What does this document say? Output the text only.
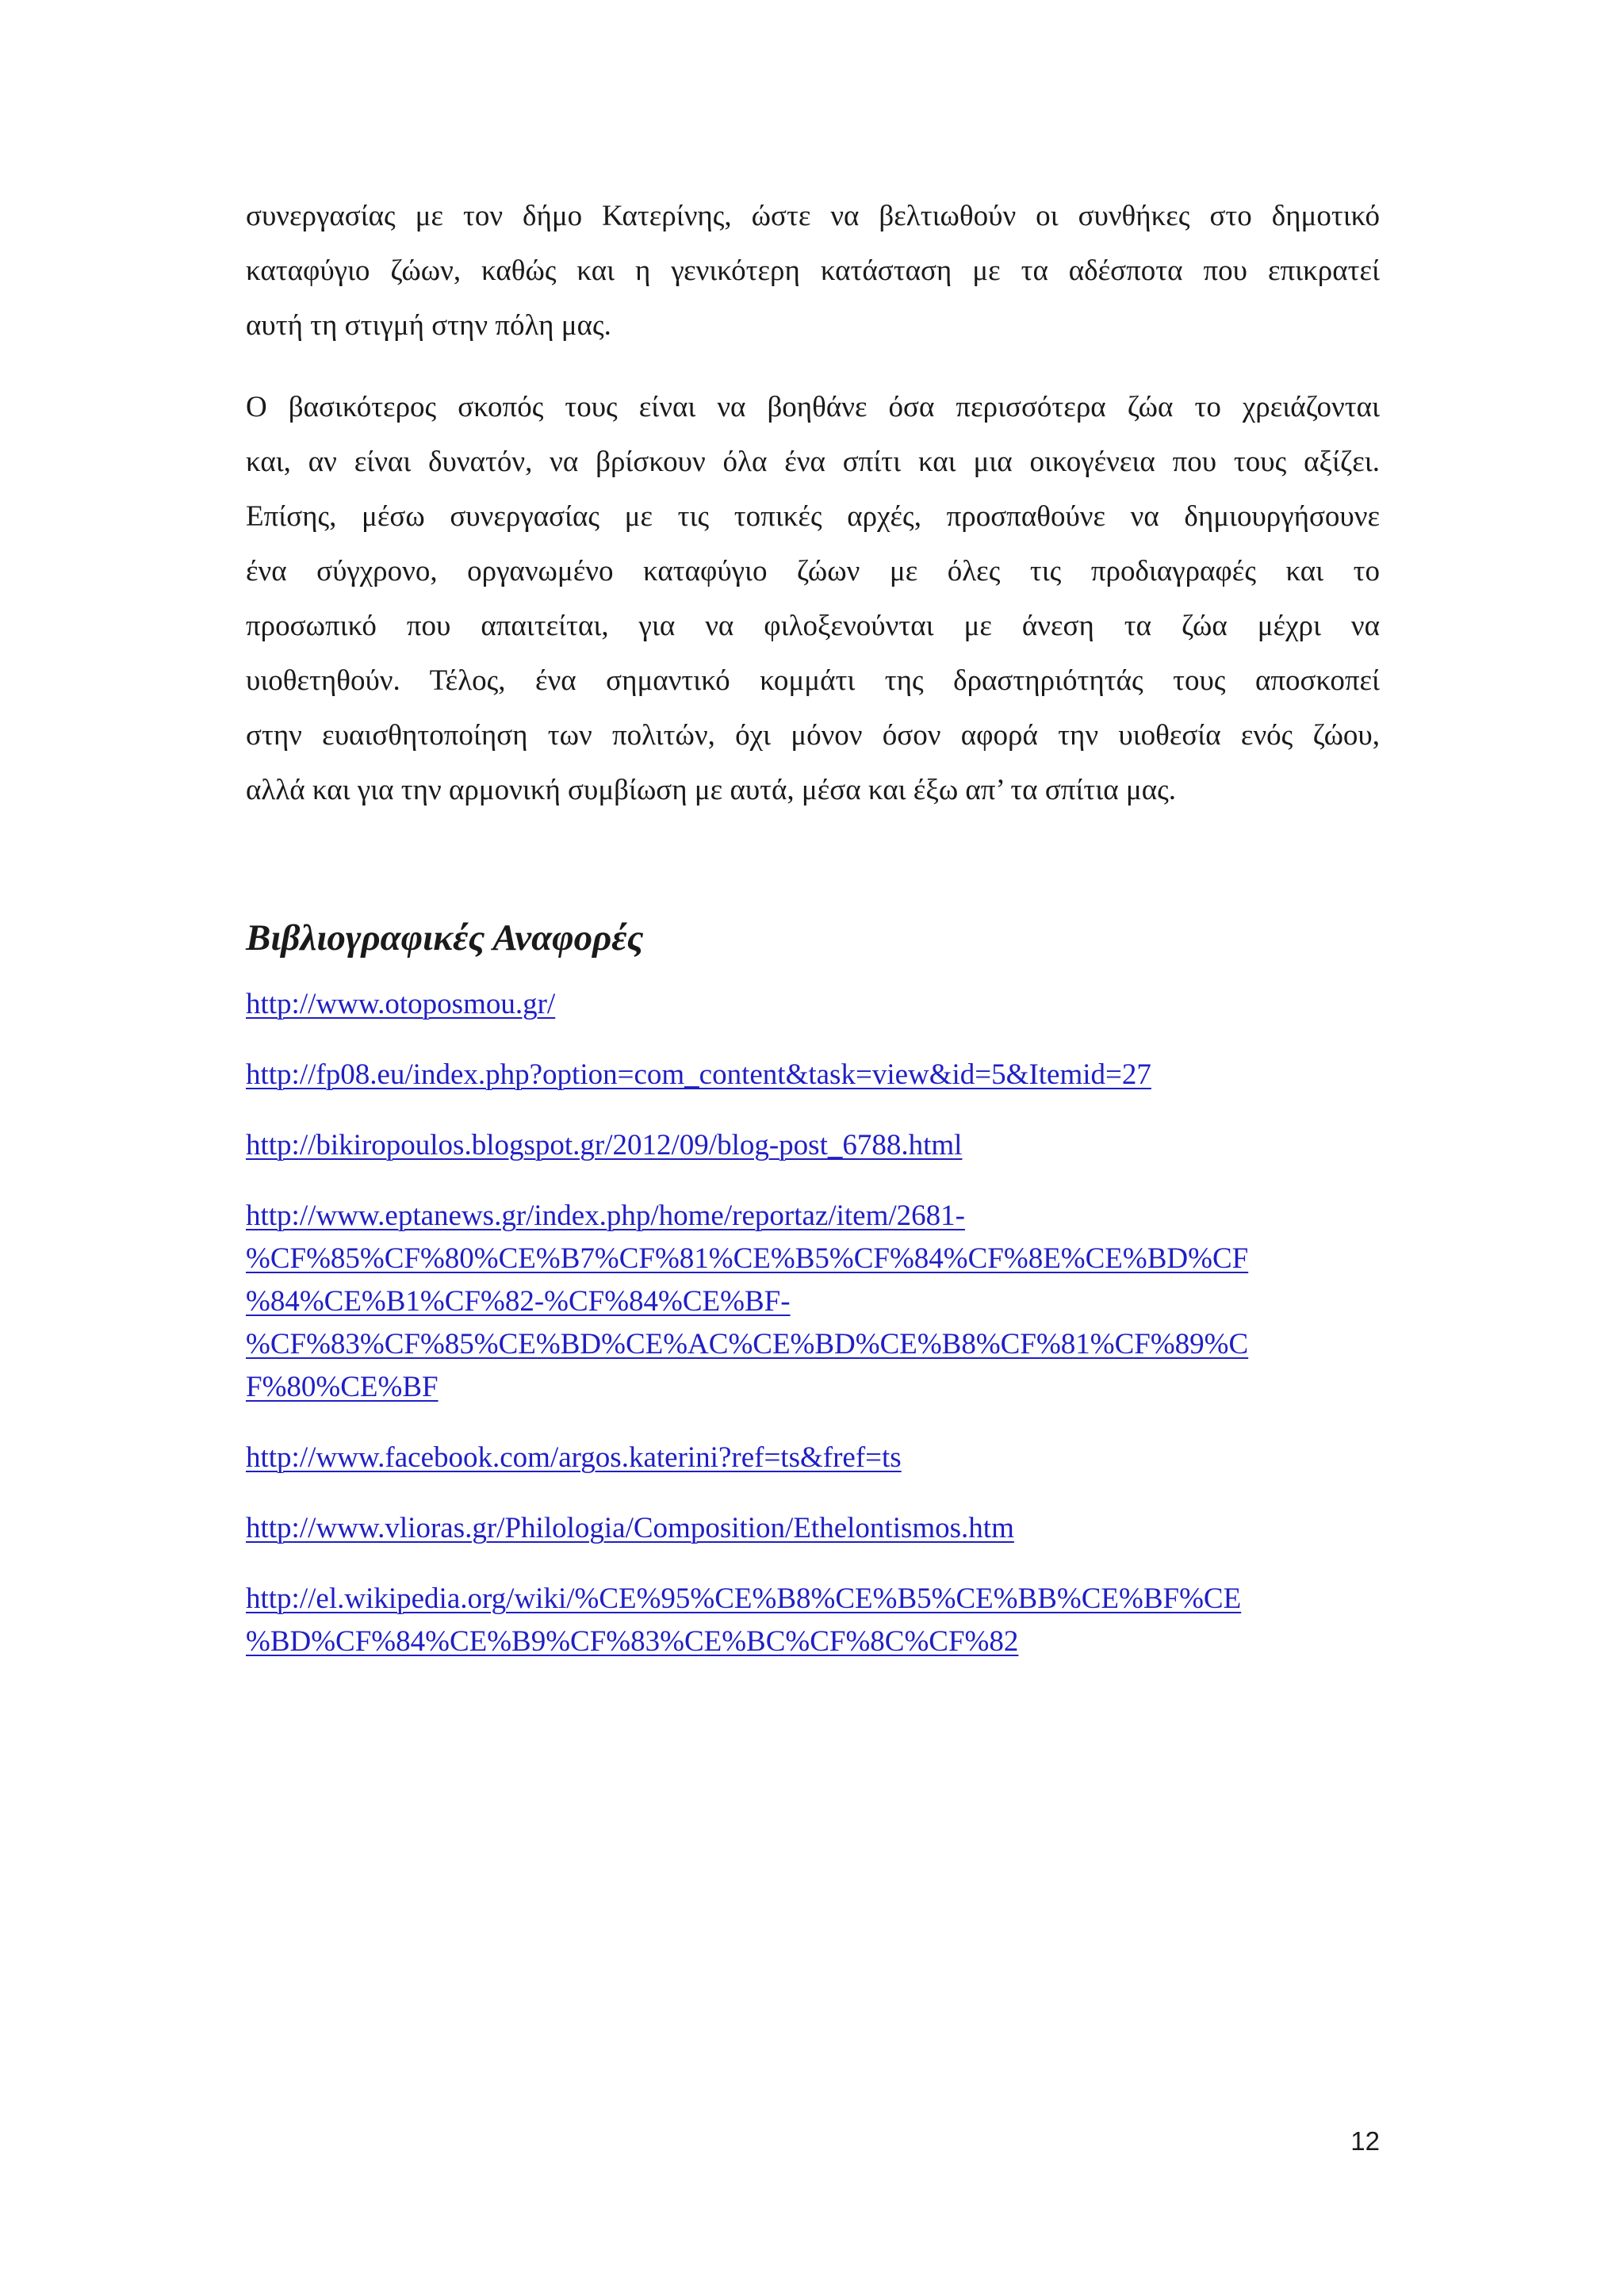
συνεργασίας με τον δήμο Κατερίνης, ώστε να βελτιωθούν οι συνθήκες στο δημοτικό
καταφύγιο ζώων, καθώς και η γενικότερη κατάσταση με τα αδέσποτα που επικρατεί
αυτή τη στιγμή στην πόλη μας.

Ο βασικότερος σκοπός τους είναι να βοηθάνε όσα περισσότερα ζώα το χρειάζονται
και, αν είναι δυνατόν, να βρίσκουν όλα ένα σπίτι και μια οικογένεια που τους αξίζει.
Επίσης, μέσω συνεργασίας με τις τοπικές αρχές, προσπαθούνε να δημιουργήσουνε
ένα σύγχρονο, οργανωμένο καταφύγιο ζώων με όλες τις προδιαγραφές και το
προσωπικό που απαιτείται, για να φιλοξενούνται με άνεση τα ζώα μέχρι να
υιοθετηθούν. Τέλος, ένα σημαντικό κομμάτι της δραστηριότητάς τους αποσκοπεί
στην ευαισθητοποίηση των πολιτών, όχι μόνον όσον αφορά την υιοθεσία ενός ζώου,
αλλά και για την αρμονική συμβίωση με αυτά, μέσα και έξω απ’ τα σπίτια μας.

Βιβλιογραφικές Αναφορές
http://www.otoposmou.gr/
http://fp08.eu/index.php?option=com_content&task=view&id=5&Itemid=27
http://bikiropoulos.blogspot.gr/2012/09/blog-post_6788.html
http://www.eptanews.gr/index.php/home/reportaz/item/2681-
%CF%85%CF%80%CE%B7%CF%81%CE%B5%CF%84%CF%8E%CE%BD%CF
%84%CE%B1%CF%82-%CF%84%CE%BF-
%CF%83%CF%85%CE%BD%CE%AC%CE%BD%CE%B8%CF%81%CF%89%C
F%80%CE%BF
http://www.facebook.com/argos.katerini?ref=ts&fref=ts
http://www.vlioras.gr/Philologia/Composition/Ethelontismos.htm
http://el.wikipedia.org/wiki/%CE%95%CE%B8%CE%B5%CE%BB%CE%BF%CE
%BD%CF%84%CE%B9%CF%83%CE%BC%CF%8C%CF%82
12
